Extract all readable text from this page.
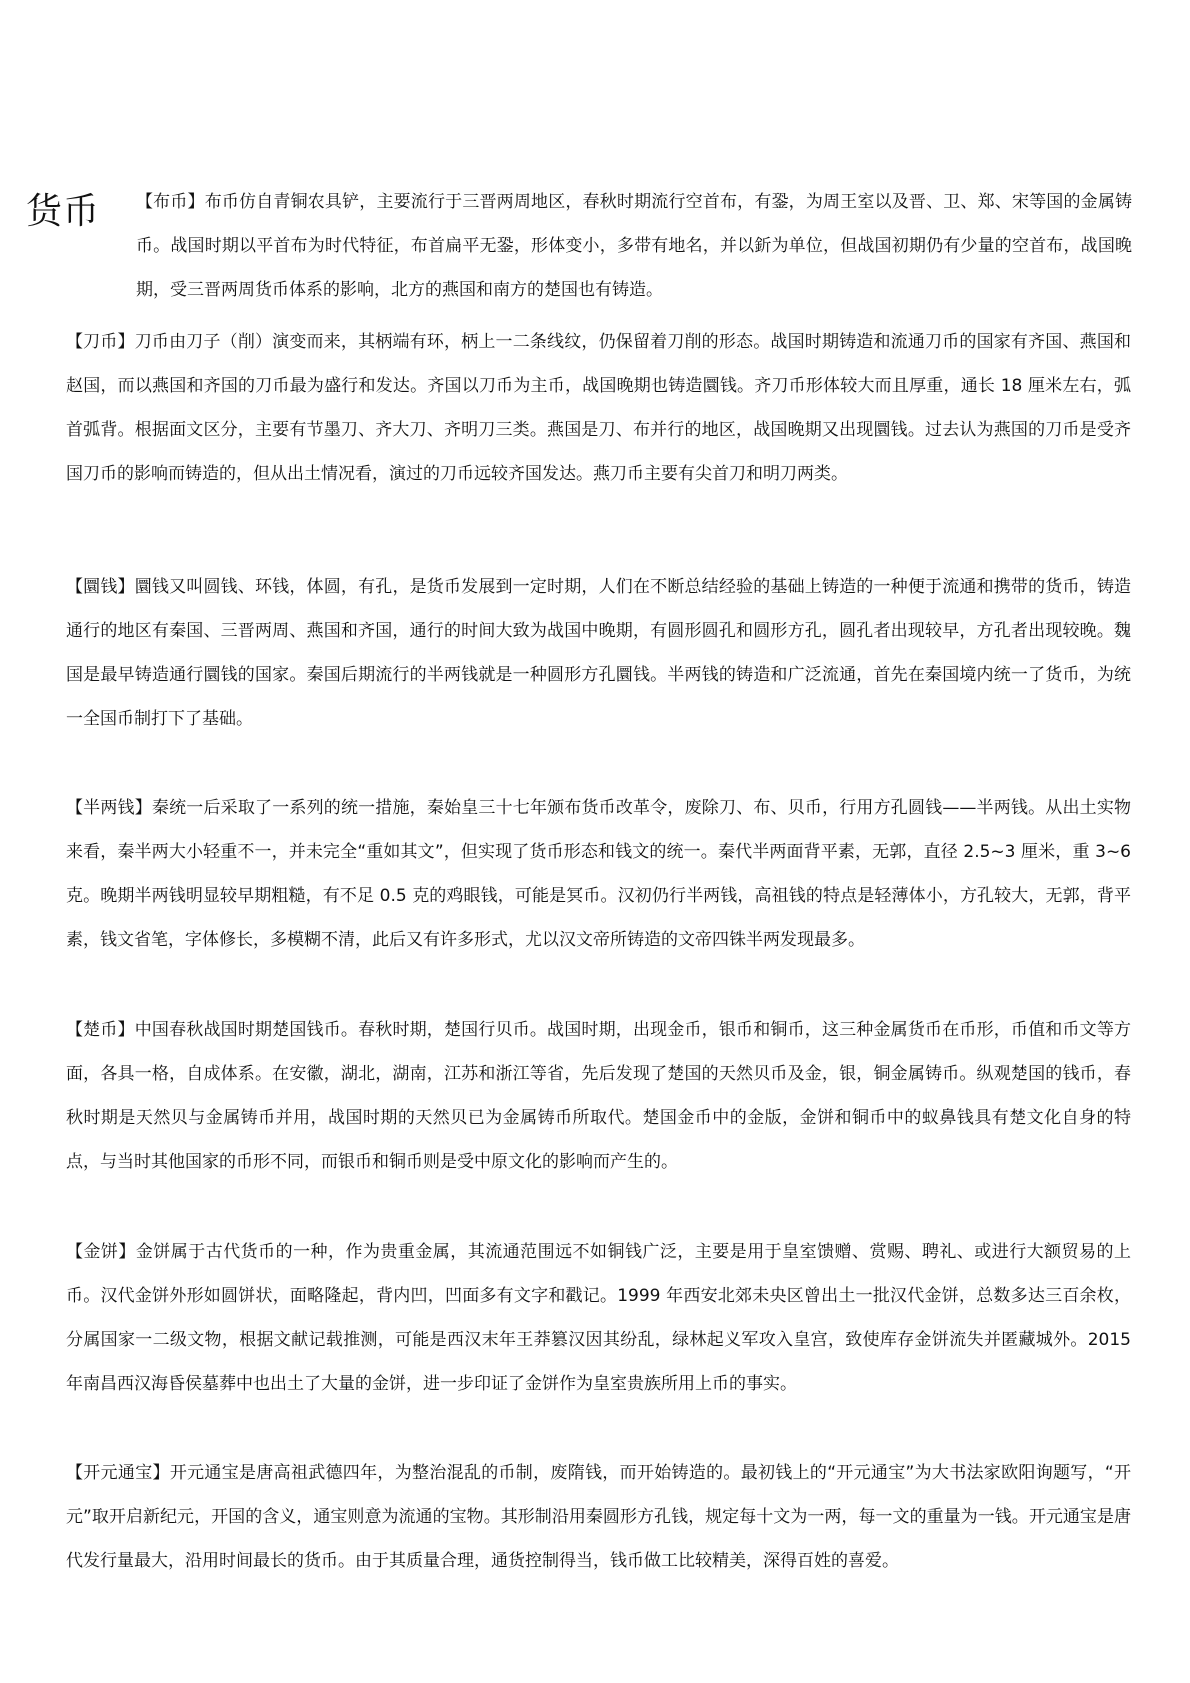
货币 【布币】布币仿自青铜农具铲，主要流行于三晋两周地区，春秋时期流行空首布，有銎，为周王室以及晋、卫、郑、宋等国的金属铸币。战国时期以平首布为时代特征，布首扁平无銎，形体变小，多带有地名，并以釿为单位，但战国初期仍有少量的空首布，战国晚期，受三晋两周货币体系的影响，北方的燕国和南方的楚国也有铸造。

【刀币】刀币由刀子（削）演变而来，其柄端有环，柄上一二条线纹，仍保留着刀削的形态。战国时期铸造和流通刀币的国家有齐国、燕国和赵国，而以燕国和齐国的刀币最为盛行和发达。齐国以刀币为主币，战国晚期也铸造圜钱。齐刀币形体较大而且厚重，通长 18 厘米左右，弧首弧背。根据面文区分，主要有节墨刀、齐大刀、齐明刀三类。燕国是刀、布并行的地区，战国晚期又出现圜钱。过去认为燕国的刀币是受齐国刀币的影响而铸造的，但从出土情况看，演过的刀币远较齐国发达。燕刀币主要有尖首刀和明刀两类。

【圜钱】圜钱又叫圆钱、环钱，体圆，有孔，是货币发展到一定时期，人们在不断总结经验的基础上铸造的一种便于流通和携带的货币，铸造通行的地区有秦国、三晋两周、燕国和齐国，通行的时间大致为战国中晚期，有圆形圆孔和圆形方孔，圆孔者出现较早，方孔者出现较晚。魏国是最早铸造通行圜钱的国家。秦国后期流行的半两钱就是一种圆形方孔圜钱。半两钱的铸造和广泛流通，首先在秦国境内统一了货币，为统一全国币制打下了基础。

【半两钱】秦统一后采取了一系列的统一措施，秦始皇三十七年颁布货币改革令，废除刀、布、贝币，行用方孔圆钱——半两钱。从出土实物来看，秦半两大小轻重不一，并未完全“重如其文”，但实现了货币形态和钱文的统一。秦代半两面背平素，无郭，直径 2.5~3 厘米，重 3~6 克。晚期半两钱明显较早期粗糙，有不足 0.5 克的鸡眼钱，可能是冥币。汉初仍行半两钱，高祖钱的特点是轻薄体小，方孔较大，无郭，背平素，钱文省笔，字体修长，多模糊不清，此后又有许多形式，尤以汉文帝所铸造的文帝四铢半两发现最多。

【楚币】中国春秋战国时期楚国钱币。春秋时期，楚国行贝币。战国时期，出现金币，银币和铜币，这三种金属货币在币形，币值和币文等方面，各具一格，自成体系。在安徽，湖北，湖南，江苏和浙江等省，先后发现了楚国的天然贝币及金，银，铜金属铸币。纵观楚国的钱币，春秋时期是天然贝与金属铸币并用，战国时期的天然贝已为金属铸币所取代。楚国金币中的金版，金饼和铜币中的蚁鼻钱具有楚文化自身的特点，与当时其他国家的币形不同，而银币和铜币则是受中原文化的影响而产生的。

【金饼】金饼属于古代货币的一种，作为贵重金属，其流通范围远不如铜钱广泛，主要是用于皇室馈赠、赏赐、聘礼、或进行大额贸易的上币。汉代金饼外形如圆饼状，面略隆起，背内凹，凹面多有文字和戳记。1999 年西安北郊未央区曾出土一批汉代金饼，总数多达三百余枚，分属国家一二级文物，根据文献记载推测，可能是西汉末年王莽篡汉因其纷乱，绿林起义军攻入皇宫，致使库存金饼流失并匿藏城外。2015 年南昌西汉海昏侯墓葬中也出土了大量的金饼，进一步印证了金饼作为皇室贵族所用上币的事实。

【开元通宝】开元通宝是唐高祖武德四年，为整治混乱的币制，废隋钱，而开始铸造的。最初钱上的“开元通宝”为大书法家欧阳询题写，“开元”取开启新纪元，开国的含义，通宝则意为流通的宝物。其形制沿用秦圆形方孔钱，规定每十文为一两，每一文的重量为一钱。开元通宝是唐代发行量最大，沿用时间最长的货币。由于其质量合理，通货控制得当，钱币做工比较精美，深得百姓的喜爱。
